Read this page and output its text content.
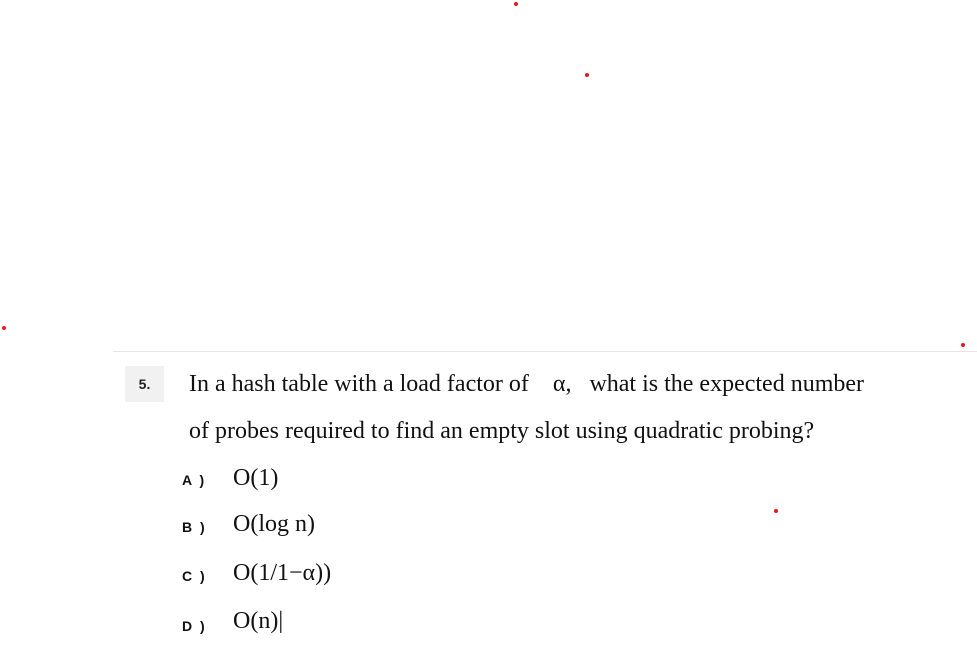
5.	In a hash table with a load factor of    α,   what is the expected number
of probes required to find an empty slot using quadratic probing?
A )	O(1)
B )	O(log n)
C )	O(1/1−α))
D )	O(n)|
